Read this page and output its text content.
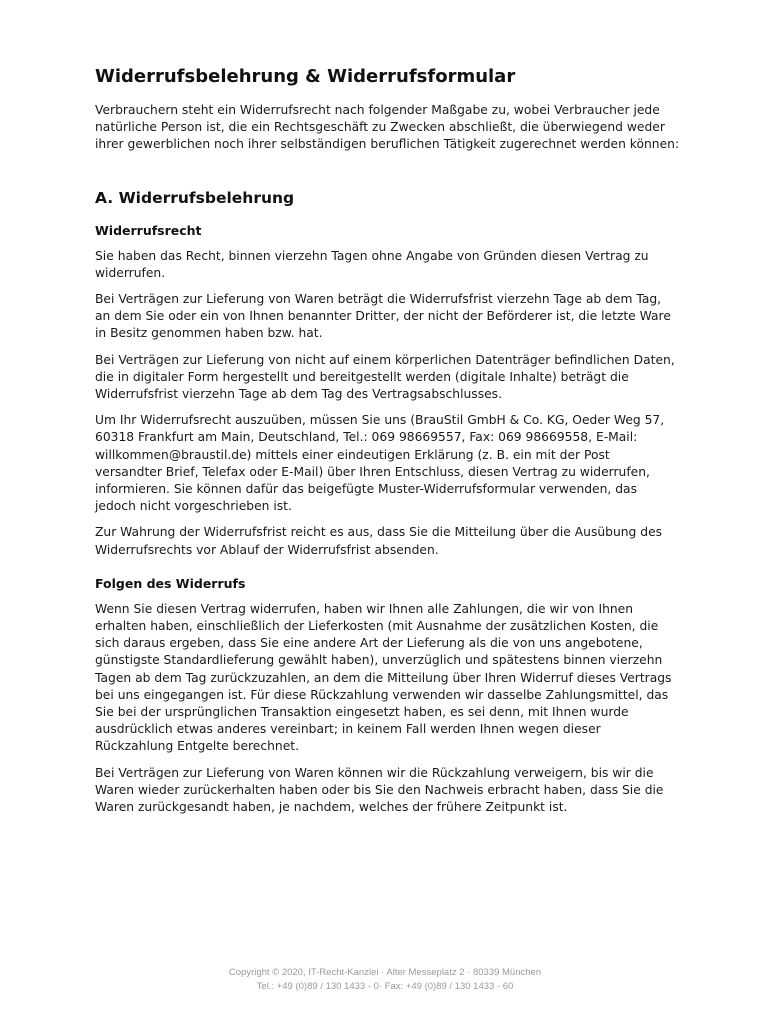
Widerrufsbelehrung & Widerrufsformular

Verbrauchern steht ein Widerrufsrecht nach folgender Maßgabe zu, wobei Verbraucher jede natürliche Person ist, die ein Rechtsgeschäft zu Zwecken abschließt, die überwiegend weder ihrer gewerblichen noch ihrer selbständigen beruflichen Tätigkeit zugerechnet werden können:

A. Widerrufsbelehrung
Widerrufsrecht

Sie haben das Recht, binnen vierzehn Tagen ohne Angabe von Gründen diesen Vertrag zu widerrufen.

Bei Verträgen zur Lieferung von Waren beträgt die Widerrufsfrist vierzehn Tage ab dem Tag, an dem Sie oder ein von Ihnen benannter Dritter, der nicht der Beförderer ist, die letzte Ware in Besitz genommen haben bzw. hat.

Bei Verträgen zur Lieferung von nicht auf einem körperlichen Datenträger befindlichen Daten, die in digitaler Form hergestellt und bereitgestellt werden (digitale Inhalte) beträgt die Widerrufsfrist vierzehn Tage ab dem Tag des Vertragsabschlusses.

Um Ihr Widerrufsrecht auszuüben, müssen Sie uns (BrauStil GmbH & Co. KG, Oeder Weg 57, 60318 Frankfurt am Main, Deutschland, Tel.: 069 98669557, Fax: 069 98669558, E-Mail: willkommen@braustil.de) mittels einer eindeutigen Erklärung (z. B. ein mit der Post versandter Brief, Telefax oder E-Mail) über Ihren Entschluss, diesen Vertrag zu widerrufen, informieren. Sie können dafür das beigefügte Muster-Widerrufsformular verwenden, das jedoch nicht vorgeschrieben ist.

Zur Wahrung der Widerrufsfrist reicht es aus, dass Sie die Mitteilung über die Ausübung des Widerrufsrechts vor Ablauf der Widerrufsfrist absenden.

Folgen des Widerrufs

Wenn Sie diesen Vertrag widerrufen, haben wir Ihnen alle Zahlungen, die wir von Ihnen erhalten haben, einschließlich der Lieferkosten (mit Ausnahme der zusätzlichen Kosten, die sich daraus ergeben, dass Sie eine andere Art der Lieferung als die von uns angebotene, günstigste Standardlieferung gewählt haben), unverzüglich und spätestens binnen vierzehn Tagen ab dem Tag zurückzuzahlen, an dem die Mitteilung über Ihren Widerruf dieses Vertrags bei uns eingegangen ist. Für diese Rückzahlung verwenden wir dasselbe Zahlungsmittel, das Sie bei der ursprünglichen Transaktion eingesetzt haben, es sei denn, mit Ihnen wurde ausdrücklich etwas anderes vereinbart; in keinem Fall werden Ihnen wegen dieser Rückzahlung Entgelte berechnet.

Bei Verträgen zur Lieferung von Waren können wir die Rückzahlung verweigern, bis wir die Waren wieder zurückerhalten haben oder bis Sie den Nachweis erbracht haben, dass Sie die Waren zurückgesandt haben, je nachdem, welches der frühere Zeitpunkt ist.

Copyright © 2020, IT-Recht-Kanzlei · Alter Messeplatz 2 · 80339 München
Tel.: +49 (0)89 / 130 1433 - 0· Fax: +49 (0)89 / 130 1433 - 60
